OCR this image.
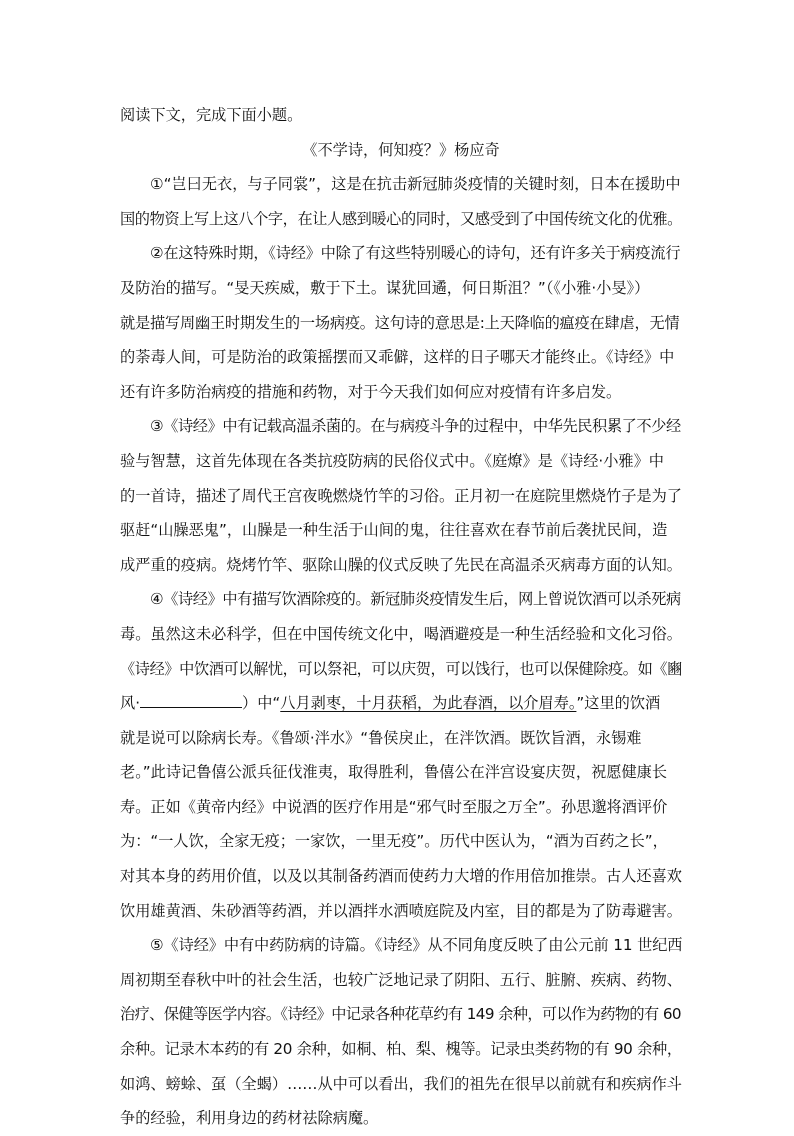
阅读下文，完成下面小题。
《不学诗，何知疫？》杨应奇
①“岂曰无衣，与子同裳”，这是在抗击新冠肺炎疫情的关键时刻，日本在援助中
国的物资上写上这八个字，在让人感到暖心的同时，又感受到了中国传统文化的优雅。
②在这特殊时期，《诗经》中除了有这些特别暖心的诗句，还有许多关于病疫流行
及防治的描写。“旻天疾威，敷于下土。谋犹回遹，何日斯沮？”（《小雅·小旻》）
就是描写周幽王时期发生的一场病疫。这句诗的意思是:上天降临的瘟疫在肆虐，无情
的荼毒人间，可是防治的政策摇摆而又乖僻，这样的日子哪天才能终止。《诗经》中
还有许多防治病疫的措施和药物，对于今天我们如何应对疫情有许多启发。
③《诗经》中有记载高温杀菌的。在与病疫斗争的过程中，中华先民积累了不少经
验与智慧，这首先体现在各类抗疫防病的民俗仪式中。《庭燎》是《诗经·小雅》中
的一首诗，描述了周代王宫夜晚燃烧竹竿的习俗。正月初一在庭院里燃烧竹子是为了
驱赶“山臊恶鬼”，山臊是一种生活于山间的鬼，往往喜欢在春节前后袭扰民间，造
成严重的疫病。烧烤竹竿、驱除山臊的仪式反映了先民在高温杀灭病毒方面的认知。
④《诗经》中有描写饮酒除疫的。新冠肺炎疫情发生后，网上曾说饮酒可以杀死病
毒。虽然这未必科学，但在中国传统文化中，喝酒避疫是一种生活经验和文化习俗。
《诗经》中饮酒可以解忧，可以祭祀，可以庆贺，可以饯行，也可以保健除疫。如《豳
风·	）中“八月剥枣，十月获稻，为此春酒，以介眉寿。”这里的饮酒
就是说可以除病长寿。《鲁颂·泮水》“鲁侯戾止，在泮饮酒。既饮旨酒，永锡难
老。”此诗记鲁僖公派兵征伐淮夷，取得胜利，鲁僖公在泮宫设宴庆贺，祝愿健康长
寿。正如《黄帝内经》中说酒的医疗作用是“邪气时至服之万全”。孙思邈将酒评价
为：“一人饮，全家无疫；一家饮，一里无疫”。历代中医认为，“酒为百药之长”，
对其本身的药用价值，以及以其制备药酒而使药力大增的作用倍加推崇。古人还喜欢
饮用雄黄酒、朱砂酒等药酒，并以酒拌水洒喷庭院及内室，目的都是为了防毒避害。
⑤《诗经》中有中药防病的诗篇。《诗经》从不同角度反映了由公元前 11 世纪西
周初期至春秋中叶的社会生活，也较广泛地记录了阴阳、五行、脏腑、疾病、药物、
治疗、保健等医学内容。《诗经》中记录各种花草约有 149 余种，可以作为药物的有 60
余种。记录木本药的有 20 余种，如桐、柏、梨、槐等。记录虫类药物的有 90 余种，
如鸿、螃蜍、虿（全蝎）……从中可以看出，我们的祖先在很早以前就有和疾病作斗
争的经验，利用身边的药材祛除病魔。
